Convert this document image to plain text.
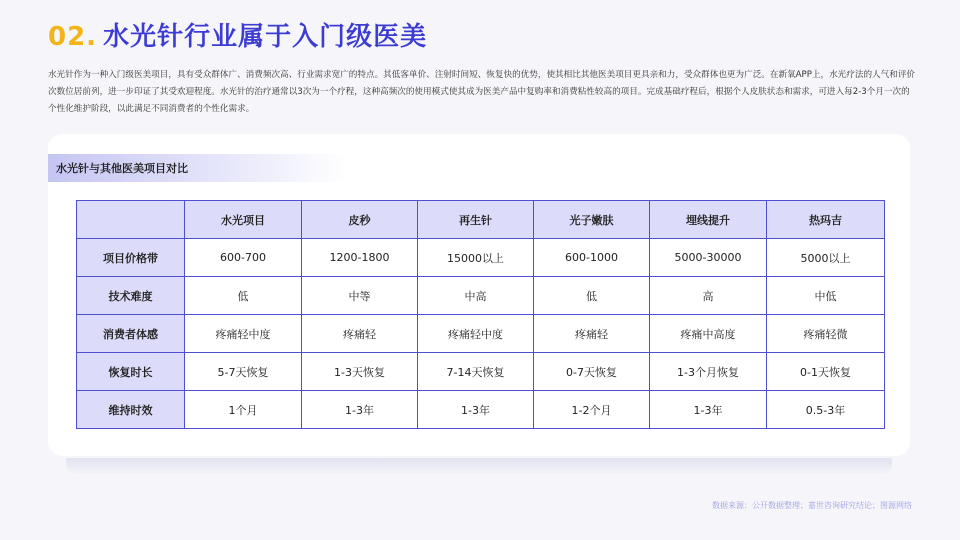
02. 水光针行业属于入门级医美

水光针作为一种入门级医美项目，具有受众群体广、消费频次高、行业需求宽广的特点。其低客单价、注射时间短、恢复快的优势，使其相比其他医美项目更具亲和力，受众群体也更为广泛。在新氧APP上，水光疗法的人气和评价次数位居前列，进一步印证了其受欢迎程度。水光针的治疗通常以3次为一个疗程，这种高频次的使用模式使其成为医美产品中复购率和消费粘性较高的项目。完成基础疗程后，根据个人皮肤状态和需求，可进入每2-3个月一次的个性化维护阶段，以此满足不同消费者的个性化需求。

水光针与其他医美项目对比
	水光项目	皮秒	再生针	光子嫩肤	埋线提升	热玛吉
项目价格带	600-700	1200-1800	15000以上	600-1000	5000-30000	5000以上
技术难度	低	中等	中高	低	高	中低
消费者体感	疼痛轻中度	疼痛轻	疼痛轻中度	疼痛轻	疼痛中高度	疼痛轻微
恢复时长	5-7天恢复	1-3天恢复	7-14天恢复	0-7天恢复	1-3个月恢复	0-1天恢复
维持时效	1个月	1-3年	1-3年	1-2个月	1-3年	0.5-3年
数据来源：公开数据整理；嘉世咨询研究结论；图源网络
